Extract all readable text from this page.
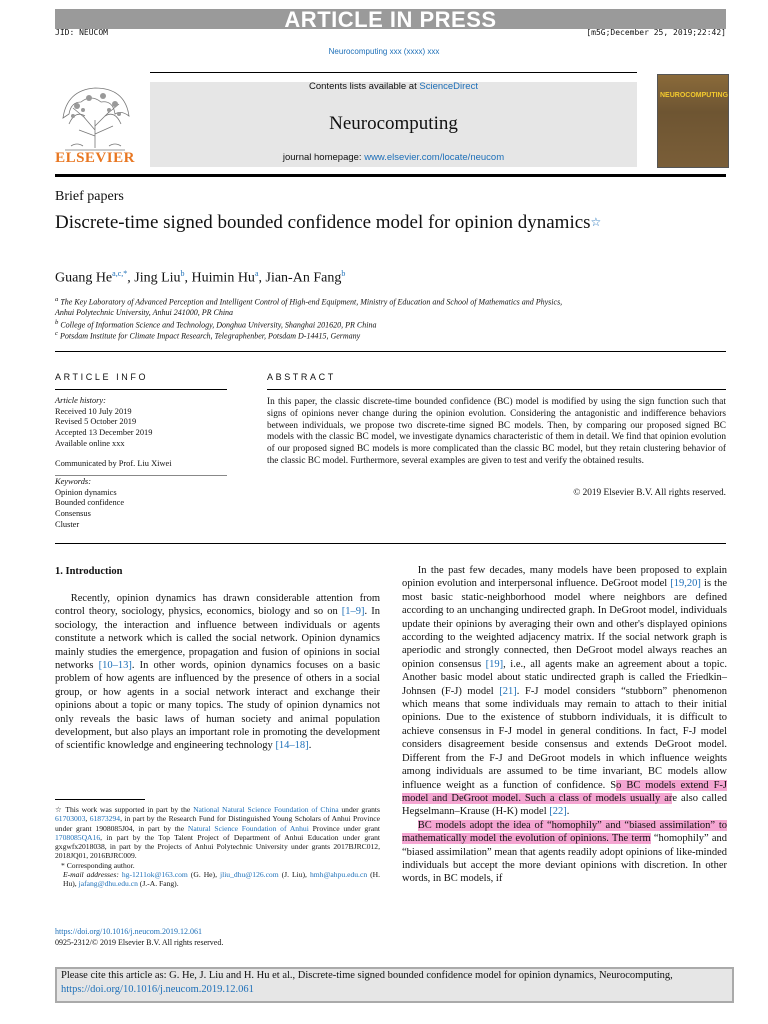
ARTICLE IN PRESS
JID: NEUCOM	[m5G;December 25, 2019;22:42]
Neurocomputing xxx (xxxx) xxx
ELSEVIER
Contents lists available at ScienceDirect
Neurocomputing
journal homepage: www.elsevier.com/locate/neucom
NEUROCOMPUTING
Brief papers
Discrete-time signed bounded confidence model for opinion dynamics☆
Guang $He^{a,c,*}$, Jing Liu$^b$, Huimin Hu$^a$, Jian-An Fang$^b$
$^a$ The Key Laboratory of Advanced Perception and Intelligent Control of High-end Equipment, Ministry of Education and School of Mathematics and Physics,
Anhui Polytechnic University, Anhui 241000, PR China
$^b$ College of Information Science and Technology, Donghua University, Shanghai 201620, PR China
$^c$ Potsdam Institute for Climate Impact Research, Telegraphenber, Potsdam D-14415, Germany
ARTICLE INFO	ABSTRACT
Article history:
Received 10 July 2019
Revised 5 October 2019
Accepted 13 December 2019
Available online xxx
Communicated by Prof. Liu Xiwei
Keywords:
Opinion dynamics
Bounded confidence
Consensus
Cluster
In this paper, the classic discrete-time bounded confidence (BC) model is modified by using the sign function such that signs of opinions never change during the opinion evolution. Considering the antagonistic and indifference behaviors between individuals, we propose two discrete-time signed BC models. Then, by comparing our proposed signed BC models with the classic BC model, we investigate dynamics characteristic of them in detail. We find that opinion evolution of our proposed signed BC models is more complicated than the classic BC model, but they retain clustering behavior of the classic BC model. Furthermore, several examples are given to test and verify the obtained results.
© 2019 Elsevier B.V. All rights reserved.
1. Introduction

Recently, opinion dynamics has drawn considerable attention from control theory, sociology, physics, economics, biology and so on [1–9]. In sociology, the interaction and influence between individuals or agents constitute a network which is called the social network. Opinion dynamics mainly studies the emergence, propagation and fusion of opinions in social networks [10–13]. In other words, opinion dynamics focuses on a basic problem of how agents are influenced by the presence of others in a social group, or how agents in a social network interact and exchange their opinions about a topic or many topics. The study of opinion dynamics not only reveals the basic laws of human society and animal population development, but also plays an important role in promoting the development of scientific knowledge and engineering technology [14–18].

In the past few decades, many models have been proposed to explain opinion evolution and interpersonal influence. DeGroot model [19,20] is the most basic static-neighborhood model where neighbors are defined according to an unchanging undirected graph. In DeGroot model, individuals update their opinions by averaging their own and other's displayed opinions according to the weighted adjacency matrix. If the social network graph is aperiodic and strongly connected, then DeGroot model always reaches an opinion consensus [19], i.e., all agents make an agreement about a topic. Another basic model about static undirected graph is called the Friedkin–Johnsen (F-J) model [21]. F-J model considers “stubborn” phenomenon which means that some individuals may remain to attach to their initial opinions. Due to the existence of stubborn individuals, it is difficult to achieve consensus in F-J model in general conditions. In fact, F-J model considers disagreement beside consensus and extends DeGroot model. Different from the F-J and DeGroot models in which influence weights among individuals are assumed to be time invariant, BC models allow influence weight as a function of confidence. So BC models extend F-J model and DeGroot model. Such a class of models usually are also called Hegselmann–Krause (H-K) model [22].

BC models adopt the idea of “homophily” and “biased assimilation” to mathematically model the evolution of opinions. The term “homophily” and “biased assimilation” mean that agents readily adopt opinions of like-minded individuals but accept the more deviant opinions with discretion. In other words, in BC models, if

☆ This work was supported in part by the National Natural Science Foundation of China under grants 61703003, 61873294, in part by the Research Fund for Distinguished Young Scholars of Anhui Province under grant 1908085J04, in part by the Natural Science Foundation of Anhui Province under grant 1708085QA16, in part by the Top Talent Project of Department of Anhui Education under grant gxgwfx2018038, in part by the Projects of Anhui Polytechnic University under grants 2017BJRC012, 2018JQ01, 2016BJRC009.
* Corresponding author.
E-mail addresses: hg-1211ok@163.com (G. He), jliu_dhu@126.com (J. Liu), hmh@ahpu.edu.cn (H. Hu), jafang@dhu.edu.cn (J.-A. Fang).
https://doi.org/10.1016/j.neucom.2019.12.061
0925-2312/© 2019 Elsevier B.V. All rights reserved.
Please cite this article as: G. He, J. Liu and H. Hu et al., Discrete-time signed bounded confidence model for opinion dynamics, Neurocomputing, https://doi.org/10.1016/j.neucom.2019.12.061
